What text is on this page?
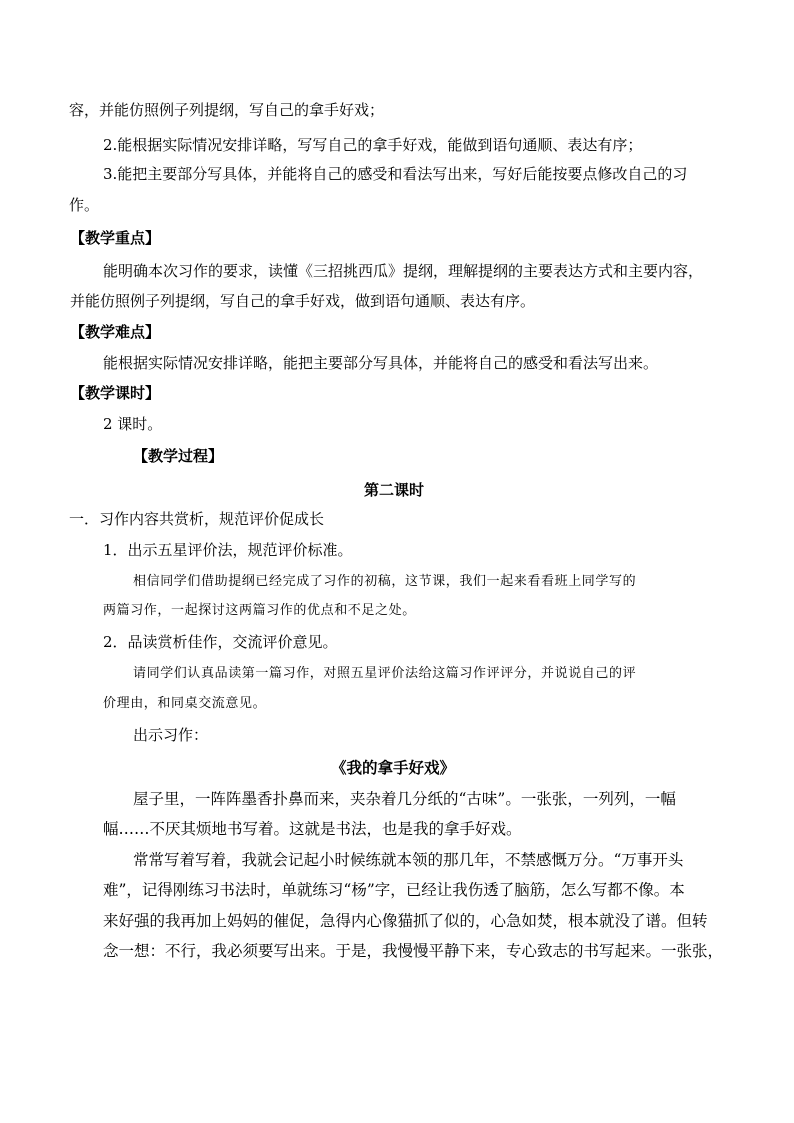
容，并能仿照例子列提纲，写自己的拿手好戏；
2.能根据实际情况安排详略，写写自己的拿手好戏，能做到语句通顺、表达有序；
3.能把主要部分写具体，并能将自己的感受和看法写出来，写好后能按要点修改自己的习
作。
【教学重点】
能明确本次习作的要求，读懂《三招挑西瓜》提纲，理解提纲的主要表达方式和主要内容，
并能仿照例子列提纲，写自己的拿手好戏，做到语句通顺、表达有序。
【教学难点】
能根据实际情况安排详略，能把主要部分写具体，并能将自己的感受和看法写出来。
【教学课时】
2 课时。
【教学过程】
第二课时
一．习作内容共赏析，规范评价促成长
1．出示五星评价法，规范评价标准。
相信同学们借助提纲已经完成了习作的初稿，这节课，我们一起来看看班上同学写的
两篇习作，一起探讨这两篇习作的优点和不足之处。
2．品读赏析佳作，交流评价意见。
请同学们认真品读第一篇习作，对照五星评价法给这篇习作评评分，并说说自己的评
价理由，和同桌交流意见。
出示习作：
《我的拿手好戏》
屋子里，一阵阵墨香扑鼻而来，夹杂着几分纸的“古味”。一张张，一列列，一幅
幅……不厌其烦地书写着。这就是书法，也是我的拿手好戏。
常常写着写着，我就会记起小时候练就本领的那几年，不禁感慨万分。“万事开头
难”，记得刚练习书法时，单就练习“杨”字，已经让我伤透了脑筋，怎么写都不像。本
来好强的我再加上妈妈的催促，急得内心像猫抓了似的，心急如焚，根本就没了谱。但转
念一想：不行，我必须要写出来。于是，我慢慢平静下来，专心致志的书写起来。一张张，
